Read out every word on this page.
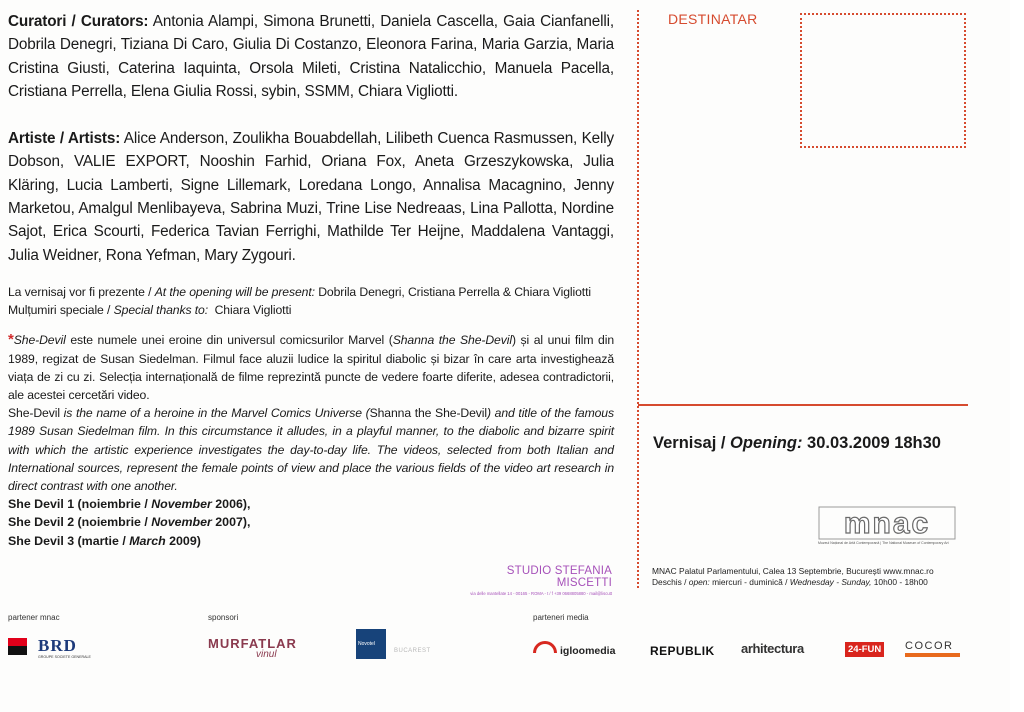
Curatori / Curators: Antonia Alampi, Simona Brunetti, Daniela Cascella, Gaia Cianfanelli, Dobrila Denegri, Tiziana Di Caro, Giulia Di Costanzo, Eleonora Farina, Maria Garzia, Maria Cristina Giusti, Caterina Iaquinta, Orsola Mileti, Cristina Natalicchio, Manuela Pacella, Cristiana Perrella, Elena Giulia Rossi, sybin, SSMM, Chiara Vigliotti.

Artiste / Artists: Alice Anderson, Zoulikha Bouabdellah, Lilibeth Cuenca Rasmussen, Kelly Dobson, VALIE EXPORT, Nooshin Farhid, Oriana Fox, Aneta Grzeszykowska, Julia Kläring, Lucia Lamberti, Signe Lillemark, Loredana Longo, Annalisa Macagnino, Jenny Marketou, Amalgul Menlibayeva, Sabrina Muzi, Trine Lise Nedreaas, Lina Pallotta, Nordine Sajot, Erica Scourti, Federica Tavian Ferrighi, Mathilde Ter Heijne, Maddalena Vantaggi, Julia Weidner, Rona Yefman, Mary Zygouri.

La vernisaj vor fi prezente / At the opening will be present: Dobrila Denegri, Cristiana Perrella & Chiara Vigliotti

Mulțumiri speciale / Special thanks to: Chiara Vigliotti

*She-Devil este numele unei eroine din universul comicsurilor Marvel (Shanna the She-Devil) și al unui film din 1989, regizat de Susan Siedelman. Filmul face aluzii ludice la spiritul diabolic și bizar în care arta investighează viața de zi cu zi. Selecția internațională de filme reprezintă puncte de vedere foarte diferite, adesea contradictorii, ale acestei cercetări video.

She-Devil is the name of a heroine in the Marvel Comics Universe (Shanna the She-Devil) and title of the famous 1989 Susan Siedelman film. In this circumstance it alludes, in a playful manner, to the diabolic and bizarre spirit with which the artistic experience investigates the day-to-day life. The videos, selected from both Italian and International sources, represent the female points of view and place the various fields of the video art research in direct contrast with one another.

She Devil 1 (noiembrie / November 2006),
She Devil 2 (noiembrie / November 2007),
She Devil 3 (martie / March 2009)
STUDIO STEFANIA MISCETTI
via delle mantellate 14 - 00165 - ROMA - t / f +39 0668805880 - mail@liscutt
DESTINATAR
Vernisaj / Opening: 30.03.2009 18h30
mnac
Muzeul Național de Artă Contemporană | The National Museum of Contemporary Art
MNAC Palatul Parlamentului, Calea 13 Septembrie, București www.mnac.ro
Deschis / open: miercuri - duminică / Wednesday - Sunday, 10h00 - 18h00
partener mnac	sponsori	parteneri media
BRD
GROUPE SOCIETE GENERALE
MURFATLAR
vinul
Novotel
BUCAREST	igloomedia	REPUBLIK arhitectura	24-FUN COCOR
